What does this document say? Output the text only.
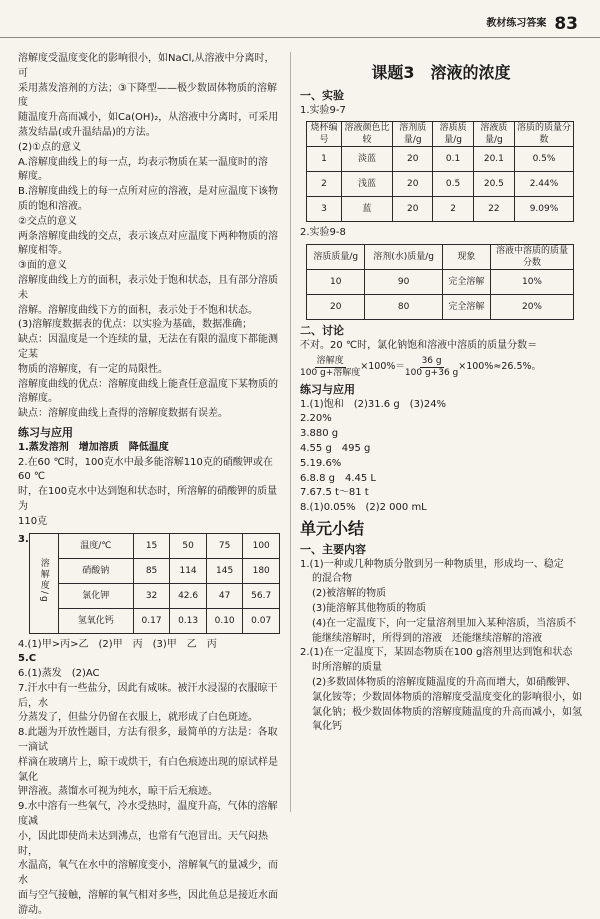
教材练习答案 83

溶解度受温度变化的影响很小，如NaCl,从溶液中分离时，可

采用蒸发溶剂的方法；③下降型——极少数固体物质的溶解度

随温度升高而减小，如Ca(OH)₂，从溶液中分离时，可采用

蒸发结晶(或升温结晶)的方法。

(2)①点的意义

A.溶解度曲线上的每一点，均表示物质在某一温度时的溶

解度。

B.溶解度曲线上的每一点所对应的溶液，是对应温度下该物

质的饱和溶液。

②交点的意义

两条溶解度曲线的交点，表示该点对应温度下两种物质的溶

解度相等。

③面的意义

溶解度曲线上方的面积，表示处于饱和状态，且有部分溶质未

溶解。溶解度曲线下方的面积，表示处于不饱和状态。

(3)溶解度数据表的优点：以实验为基础，数据准确；

缺点：因温度是一个连续的量，无法在有限的温度下都能测定某

物质的溶解度，有一定的局限性。

溶解度曲线的优点：溶解度曲线上能查任意温度下某物质的

溶解度。

缺点：溶解度曲线上查得的溶解度数据有误差。

练习与应用

1.蒸发溶剂　增加溶质　降低温度

2.在60 ℃时，100克水中最多能溶解110克的硝酸钾或在60 ℃

时，在100克水中达到饱和状态时，所溶解的硝酸钾的质量为

110克

3.
溶解度/g	温度/℃	15	50	75	100
	硝酸钠	85	114	145	180
	氯化钾	32	42.6	47	56.7
	氢氧化钙	0.17	0.13	0.10	0.07

4.(1)甲>丙>乙　(2)甲　丙　(3)甲　乙　丙

5.C

6.(1)蒸发　(2)AC

7.汗水中有一些盐分，因此有咸味。被汗水浸湿的衣服晾干后，水

分蒸发了，但盐分仍留在衣服上，就形成了白色斑迹。

8.此题为开放性题目，方法有很多，最简单的方法是：各取一滴试

样滴在玻璃片上，晾干或烘干，有白色痕迹出现的原试样是氯化

钾溶液。蒸馏水可视为纯水，晾干后无痕迹。

9.水中溶有一些氧气，冷水受热时，温度升高，气体的溶解度减

小，因此即使尚未达到沸点，也常有气泡冒出。天气闷热时，

水温高，氧气在水中的溶解度变小，溶解氧气的量减少，而水

面与空气接触，溶解的氧气相对多些，因此鱼总是接近水面

游动。

课题3　溶液的浓度

一、实验

1.实验9-7

烧杯编号	溶液颜色比较	溶剂质量/g	溶质质量/g	溶液质量/g	溶质的质量分数
1	淡蓝	20	0.1	20.1	0.5%
2	浅蓝	20	0.5	20.5	2.44%
3	蓝	20	2	22	9.09%

2.实验9-8

溶质质量/g	溶剂(水)质量/g	现象	溶液中溶质的质量分数
10	90	完全溶解	10%
20	80	完全溶解	20%

二、讨论

不对。20 ℃时，氯化钠饱和溶液中溶质的质量分数＝

$\frac{\text{溶解度}}{\text{100 g+溶解度}} \times 100\%= \frac{36 g}{100 g+36 g} \times 100\%\approx 26.5\%$。

练习与应用

1.(1)饱和　(2)31.6 g　(3)24%

2.20%

3.880 g

4.55 g　495 g

5.19.6%

6.8.8 g　4.45 L

7.67.5 t～81 t

8.(1)0.05%　(2)2 000 mL

单元小结

一、主要内容

1.(1)一种或几种物质分散到另一种物质里，形成均一、稳定

的混合物

(2)被溶解的物质

(3)能溶解其他物质的物质

(4)在一定温度下，向一定量溶剂里加入某种溶质，当溶质不

能继续溶解时，所得到的溶液　还能继续溶解的溶液

2.(1)在一定温度下，某固态物质在100 g溶剂里达到饱和状态

时所溶解的质量

(2)多数固体物质的溶解度随温度的升高而增大，如硝酸钾、

氯化铵等；少数固体物质的溶解度受温度变化的影响很小，如

氯化钠；极少数固体物质的溶解度随温度的升高而减小，如氢

氧化钙
